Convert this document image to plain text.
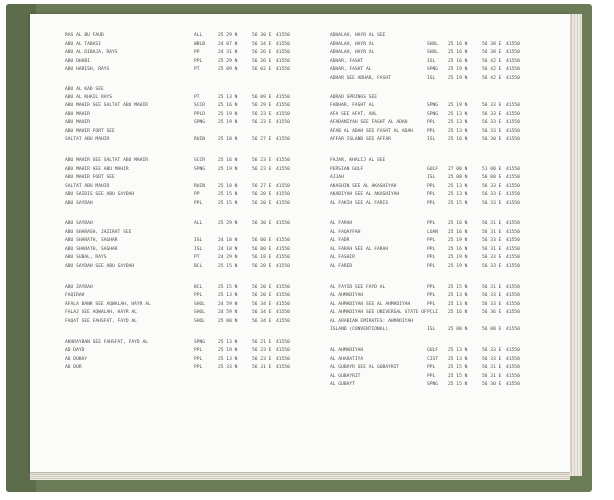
RAS AL BU FAUD	ALL	25 29 N	56 30 E 41550
ABU AL TABASI	WBLB	24 07 N	56 34 E 41550
ABU AL DIBAJA, RAYS	PP	24 31 N	56 26 E 41550
ABU DHABI	PPL	25 29 N	56 26 E 41550
ABU HARISH, RAYS	PT	25 09 N	56 02 E 41550
ABU AL KAD SEE
ABU AL KHAIL RAYS	PT	25 13 N	56 09 E 41550
ABU MAHIR SEE SALTAT ABU MAHIR	SCCR	25 16 N	56 29 E 41550
ABU MAHIR	PPLD	25 19 N	56 23 E 41550
ABU MAHIR	SPNG	25 19 N	56 23 E 41550
ABU MAHIR FORT SEE
SALTAT ABU MAHIR	RUIN	25 18 N	56 27 E 41550
ABU MAHIR SEE SALTAT ABU MAHIR	SCCR	25 16 N	56 23 E 41550
ABU MAHIR SEE ABU MAHIR	SPNG	25 19 N	56 23 E 41550
ABU MAHIR FORT SEE
SALTAT ABU MAHIR	RUIN	25 18 N	56 27 E 41550
ABU SAIDIS SEE ABU SAYDAH	PP	25 15 N	56 20 E 41550
ABU SAYDAH	PPL	25 15 N	56 20 E 41550
ABU SAYDAH	ALL	25 29 N	56 30 E 41550
ABU SHARASH, JAZIRAT SEE
ABU SHARATH, SAGHAR	ISL	24 18 N	56 00 E 41550
ABU SHARATH, SAGHAR	ISL	24 18 N	56 00 E 41550
ABU SUBAL, RAYS	PT	24 29 N	56 18 E 41550
ABU SAYDAH SEE ABU SAYDAH	BCL	25 15 N	56 20 E 41550
ABU ZAYDAH	BCL	25 15 N	56 20 E 41550
FAQIRAH	PPL	25 13 N	56 20 E 41550
AFALA BANK SEE AQWALAH, HAYR AL	SHOL	24 59 N	56 34 E 41550
FALAJ SEE AQWALAH, HAYR AL	SHOL	24 59 N	56 34 E 41550
FAQAT SEE FAHSFAT, FAYD AL	SHOL	25 00 N	56 34 E 41550
AKHRAYBAN SEE FAHSFAT, FAYD AL	SPNG	25 13 N	56 21 E 41550
AD DAYD	PPL	25 19 N	56 23 E 41550
AD DUBAY	PPL	25 13 N	56 23 E 41550
AD DUR	PPL	25 33 N	56 31 E 41550
ADHALAH, HAYR AL SEE
ADHALAH, HAYR AL	SHOL 25 16 N	56 38 E 41550
ADHALAH, HAYR AL	SHOL 25 16 N	56 38 E 41550
ADHAR, FASHT	ISL	25 16 N	56 42 E 41550
ADHAR, FASHT AL	SPNG 25 19 N	56 42 E 41550
ADHAR SEE ADHAR, FASHT	ISL	25 19 N	56 42 E 41550
ADRAD SPRINGS SEE
FADHAR, FASHT AL	SPNG 25 19 N	56 33 E 41550
AFA SEE AFAT, AHL	SPNG 25 13 N	56 33 E 41550
AFADANIYAH SEE FASHT AL ADAH	PPL	25 13 N	56 33 E 41550
AFAB AL ADAH SEE FASHT AL ADAH	PPL	25 13 N	56 33 E 41550
AFFAR ISLAND SEE AFFAR	ISL	25 16 N	56 30 E 41550
FAJAR, KHALIJ AL SEE
PERSIAN GULF	GULF 27 00 N	51 00 E 41550
AJJAH	ISL	25 00 N	56 00 E 41550
AKASHIN SEE AL AKASHIYAH	PPL	25 13 N	56 33 E 41550
AKABIYAH SEE AL AKASHIYAH	PPL	25 13 N	56 33 E 41550
AL FAKIH SEE AL FARIS	PPL	25 15 N	56 33 E 41550
AL FARAH	PPL	25 16 N	56 31 E 41550
AL FAQAYFAH	LOAN 25 16 N	56 31 E 41550
AL FADR	PPL	25 19 N	56 33 E 41550
AL FARAH SEE AL FARAH	PPL	25 16 N	56 31 E 41550
AL FASHIR	PPL	25 19 N	56 33 E 41550
AL FARED	PPL	25 19 N	56 33 E 41550
AL FAYID SEE FAYD AL	PPL	25 15 N	56 31 E 41550
AL AHMADIYAH	PPL	25 13 N	56 33 E 41550
AL AHMADIYAH SEE AL AHMADIYAH	PPL	25 13 N	56 33 E 41550
AL AHMADIYAH SEE UNIVERSAL STATE OF PCLI 25 16 N	56 36 E 41550
AL ARABIAN EMIRATES: AHMADIYAH
ISLAND (CONVENTIONAL)	ISL	25 00 N	56 00 E 41550
AL AHMADIYAH	GULF 25 13 N	56 33 E 41550
AL AHARATIYA	CIST 25 13 N	56 33 E 41550
AL GUBAYR SEE AL GUBAYRIT	PPL	25 15 N	56 31 E 41550
AL GUBAYRIT	PPL	25 15 N	56 31 E 41550
AL GUBAYT	SPNG 25 15 N	56 30 E 41550
